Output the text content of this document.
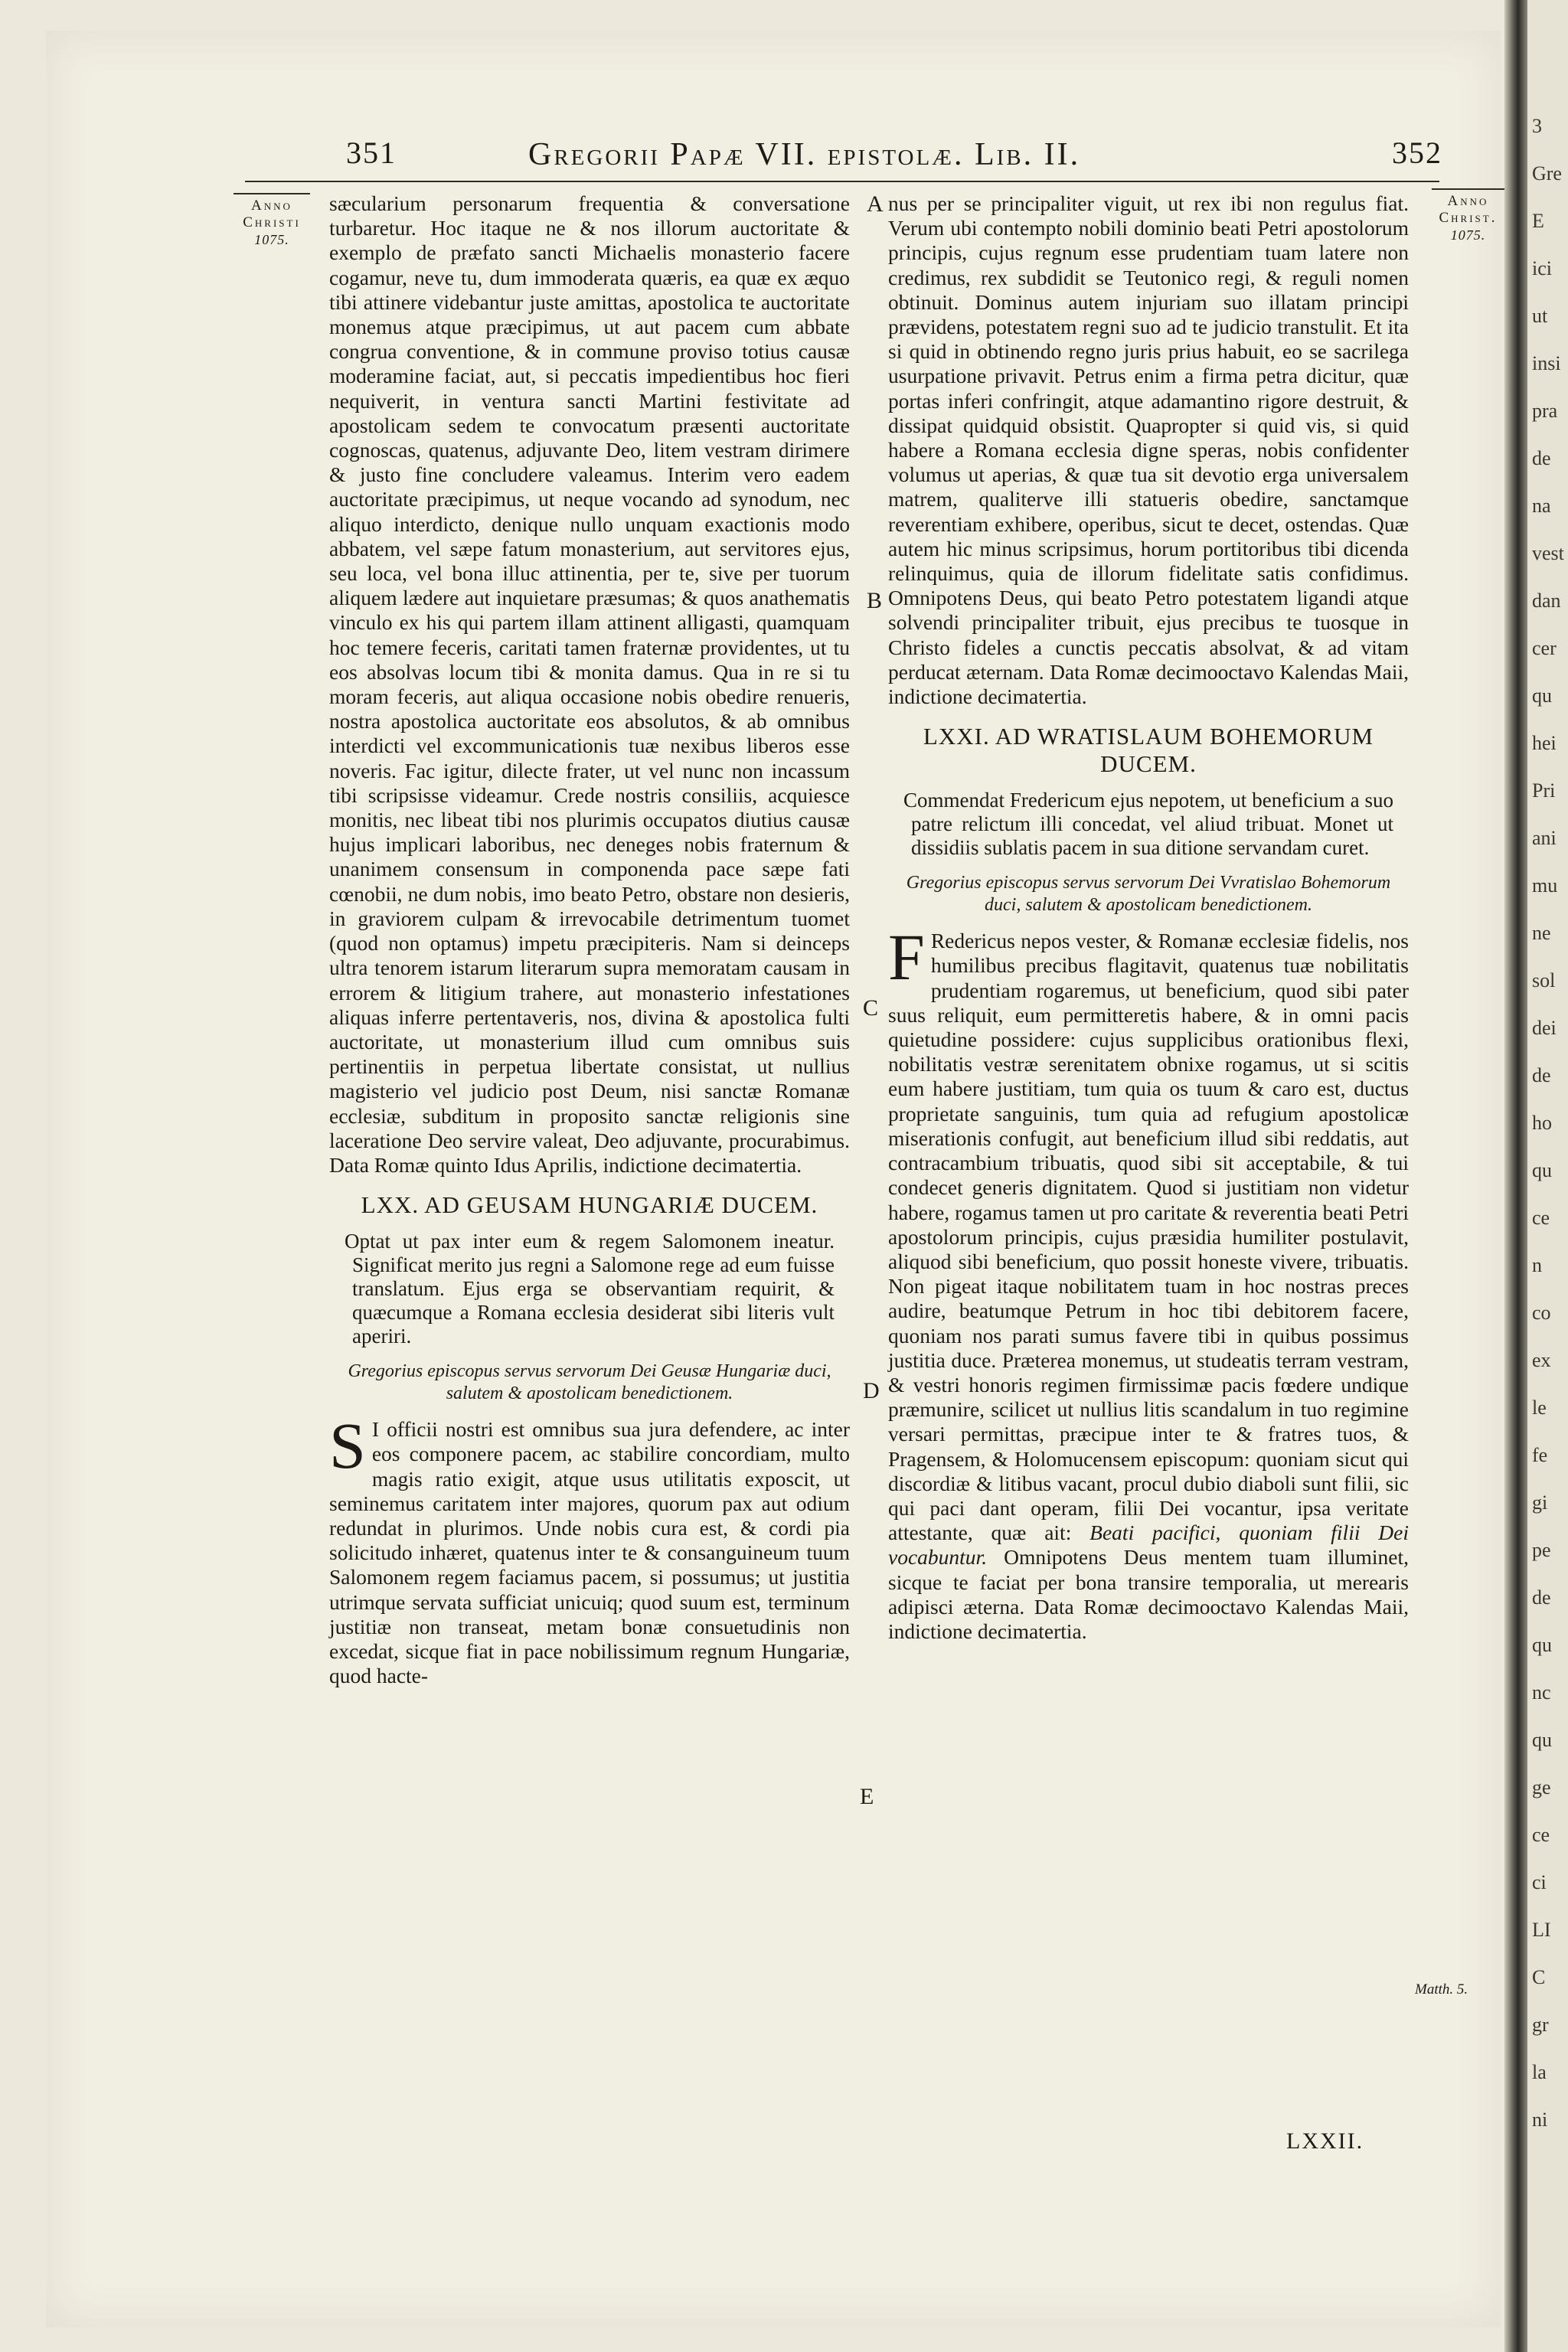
3
Gre
E
ici
ut
insi
pra
de
na
vest
dan
cer
qu
hei
Pri
ani
mu
ne
sol
dei
de
ho
qu
ce
n
co
ex
le
fe
gi
pe
de
qu
nc
qu
ge
ce
ci
LI
C
gr
la
ni
351	Gregorii Papæ VII. epistolæ. Lib. II.	352
Anno
Christi
1075.
Anno
Christ.
1075.
A
B
C
D
E
sæcularium personarum frequentia & conversatione turbaretur. Hoc itaque ne & nos illorum auctoritate & exemplo de præfato sancti Michaelis monasterio facere cogamur, neve tu, dum immoderata quæris, ea quæ ex æquo tibi attinere videbantur juste amittas, apostolica te auctoritate monemus atque præcipimus, ut aut pacem cum abbate congrua conventione, & in commune proviso totius causæ moderamine faciat, aut, si peccatis impedientibus hoc fieri nequiverit, in ventura sancti Martini festivitate ad apostolicam sedem te convocatum præsenti auctoritate cognoscas, quatenus, adjuvante Deo, litem vestram dirimere & justo fine concludere valeamus. Interim vero eadem auctoritate præcipimus, ut neque vocando ad synodum, nec aliquo interdicto, denique nullo unquam exactionis modo abbatem, vel sæpe fatum monasterium, aut servitores ejus, seu loca, vel bona illuc attinentia, per te, sive per tuorum aliquem lædere aut inquietare præsumas; & quos anathematis vinculo ex his qui partem illam attinent alligasti, quamquam hoc temere feceris, caritati tamen fraternæ providentes, ut tu eos absolvas locum tibi & monita damus. Qua in re si tu moram feceris, aut aliqua occasione nobis obedire renueris, nostra apostolica auctoritate eos absolutos, & ab omnibus interdicti vel excommunicationis tuæ nexibus liberos esse noveris. Fac igitur, dilecte frater, ut vel nunc non incassum tibi scripsisse videamur. Crede nostris consiliis, acquiesce monitis, nec libeat tibi nos plurimis occupatos diutius causæ hujus implicari laboribus, nec deneges nobis fraternum & unanimem consensum in componenda pace sæpe fati cœnobii, ne dum nobis, imo beato Petro, obstare non desieris, in graviorem culpam & irrevocabile detrimentum tuomet (quod non optamus) impetu præcipiteris. Nam si deinceps ultra tenorem istarum literarum supra memoratam causam in errorem & litigium trahere, aut monasterio infestationes aliquas inferre pertentaveris, nos, divina & apostolica fulti auctoritate, ut monasterium illud cum omnibus suis pertinentiis in perpetua libertate consistat, ut nullius magisterio vel judicio post Deum, nisi sanctæ Romanæ ecclesiæ, subditum in proposito sanctæ religionis sine laceratione Deo servire valeat, Deo adjuvante, procurabimus. Data Romæ quinto Idus Aprilis, indictione decimatertia.
LXX. AD GEUSAM HUNGARIÆ DUCEM.
Optat ut pax inter eum & regem Salomonem ineatur. Significat merito jus regni a Salomone rege ad eum fuisse translatum. Ejus erga se observantiam requirit, & quæcumque a Romana ecclesia desiderat sibi literis vult aperiri.
Gregorius episcopus servus servorum Dei Geusæ Hungariæ duci, salutem & apostolicam benedictionem.
S I officii nostri est omnibus sua jura defendere, ac inter eos componere pacem, ac stabilire concordiam, multo magis ratio exigit, atque usus utilitatis exposcit, ut seminemus caritatem inter majores, quorum pax aut odium redundat in plurimos. Unde nobis cura est, & cordi pia solicitudo inhæret, quatenus inter te & consanguineum tuum Salomonem regem faciamus pacem, si possumus; ut justitia utrimque servata sufficiat unicuiq; quod suum est, terminum justitiæ non transeat, metam bonæ consuetudinis non excedat, sicque fiat in pace nobilissimum regnum Hungariæ, quod hacte-
nus per se principaliter viguit, ut rex ibi non regulus fiat. Verum ubi contempto nobili dominio beati Petri apostolorum principis, cujus regnum esse prudentiam tuam latere non credimus, rex subdidit se Teutonico regi, & reguli nomen obtinuit. Dominus autem injuriam suo illatam principi prævidens, potestatem regni suo ad te judicio transtulit. Et ita si quid in obtinendo regno juris prius habuit, eo se sacrilega usurpatione privavit. Petrus enim a firma petra dicitur, quæ portas inferi confringit, atque adamantino rigore destruit, & dissipat quidquid obsistit. Quapropter si quid vis, si quid habere a Romana ecclesia digne speras, nobis confidenter volumus ut aperias, & quæ tua sit devotio erga universalem matrem, qualiterve illi statueris obedire, sanctamque reverentiam exhibere, operibus, sicut te decet, ostendas. Quæ autem hic minus scripsimus, horum portitoribus tibi dicenda relinquimus, quia de illorum fidelitate satis confidimus. Omnipotens Deus, qui beato Petro potestatem ligandi atque solvendi principaliter tribuit, ejus precibus te tuosque in Christo fideles a cunctis peccatis absolvat, & ad vitam perducat æternam. Data Romæ decimooctavo Kalendas Maii, indictione decimatertia.
LXXI. AD WRATISLAUM BOHEMORUM DUCEM.
Commendat Fredericum ejus nepotem, ut beneficium a suo patre relictum illi concedat, vel aliud tribuat. Monet ut dissidiis sublatis pacem in sua ditione servandam curet.
Gregorius episcopus servus servorum Dei Vvratislao Bohemorum duci, salutem & apostolicam benedictionem.
F Redericus nepos vester, & Romanæ ecclesiæ fidelis, nos humilibus precibus flagitavit, quatenus tuæ nobilitatis prudentiam rogaremus, ut beneficium, quod sibi pater suus reliquit, eum permitteretis habere, & in omni pacis quietudine possidere: cujus supplicibus orationibus flexi, nobilitatis vestræ serenitatem obnixe rogamus, ut si scitis eum habere justitiam, tum quia os tuum & caro est, ductus proprietate sanguinis, tum quia ad refugium apostolicæ miserationis confugit, aut beneficium illud sibi reddatis, aut contracambium tribuatis, quod sibi sit acceptabile, & tui condecet generis dignitatem. Quod si justitiam non videtur habere, rogamus tamen ut pro caritate & reverentia beati Petri apostolorum principis, cujus præsidia humiliter postulavit, aliquod sibi beneficium, quo possit honeste vivere, tribuatis. Non pigeat itaque nobilitatem tuam in hoc nostras preces audire, beatumque Petrum in hoc tibi debitorem facere, quoniam nos parati sumus favere tibi in quibus possimus justitia duce. Præterea monemus, ut studeatis terram vestram, & vestri honoris regimen firmissimæ pacis fœdere undique præmunire, scilicet ut nullius litis scandalum in tuo regimine versari permittas, præcipue inter te & fratres tuos, & Pragensem, & Holomucensem episcopum: quoniam sicut qui discordiæ & litibus vacant, procul dubio diaboli sunt filii, sic qui paci dant operam, filii Dei vocantur, ipsa veritate attestante, quæ ait: Beati pacifici, quoniam filii Dei vocabuntur. Omnipotens Deus mentem tuam illuminet, sicque te faciat per bona transire temporalia, ut merearis adipisci æterna. Data Romæ decimooctavo Kalendas Maii, indictione decimatertia.
Matth. 5.
LXXII.
